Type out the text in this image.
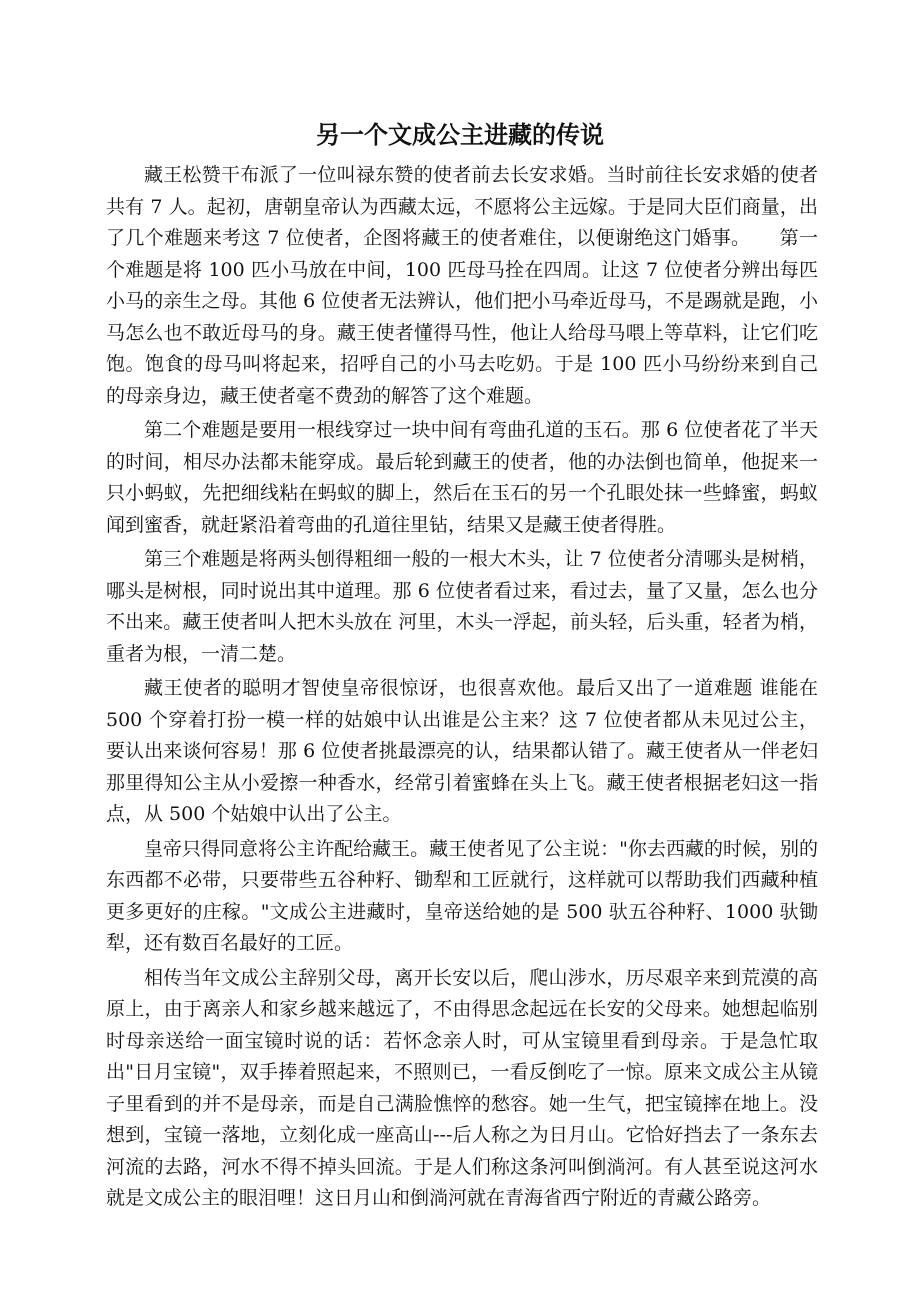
另一个文成公主进藏的传说

藏王松赞干布派了一位叫禄东赞的使者前去长安求婚。当时前往长安求婚的使者共有 7 人。起初，唐朝皇帝认为西藏太远，不愿将公主远嫁。于是同大臣们商量，出了几个难题来考这 7 位使者，企图将藏王的使者难住，以便谢绝这门婚事。　　第一个难题是将 100 匹小马放在中间，100 匹母马拴在四周。让这 7 位使者分辨出每匹小马的亲生之母。其他 6 位使者无法辨认，他们把小马牵近母马，不是踢就是跑，小马怎么也不敢近母马的身。藏王使者懂得马性，他让人给母马喂上等草料，让它们吃饱。饱食的母马叫将起来，招呼自己的小马去吃奶。于是 100 匹小马纷纷来到自己的母亲身边，藏王使者毫不费劲的解答了这个难题。

第二个难题是要用一根线穿过一块中间有弯曲孔道的玉石。那 6 位使者花了半天的时间，相尽办法都未能穿成。最后轮到藏王的使者，他的办法倒也简单，他捉来一只小蚂蚁，先把细线粘在蚂蚁的脚上，然后在玉石的另一个孔眼处抹一些蜂蜜，蚂蚁闻到蜜香，就赶紧沿着弯曲的孔道往里钻，结果又是藏王使者得胜。

第三个难题是将两头刨得粗细一般的一根大木头，让 7 位使者分清哪头是树梢，哪头是树根，同时说出其中道理。那 6 位使者看过来，看过去，量了又量，怎么也分不出来。藏王使者叫人把木头放在 河里，木头一浮起，前头轻，后头重，轻者为梢，重者为根，一清二楚。

藏王使者的聪明才智使皇帝很惊讶，也很喜欢他。最后又出了一道难题 谁能在 500 个穿着打扮一模一样的姑娘中认出谁是公主来？这 7 位使者都从未见过公主，要认出来谈何容易！那 6 位使者挑最漂亮的认，结果都认错了。藏王使者从一伴老妇那里得知公主从小爱擦一种香水，经常引着蜜蜂在头上飞。藏王使者根据老妇这一指点，从 500 个姑娘中认出了公主。

皇帝只得同意将公主许配给藏王。藏王使者见了公主说："你去西藏的时候，别的东西都不必带，只要带些五谷种籽、锄犁和工匠就行，这样就可以帮助我们西藏种植更多更好的庄稼。"文成公主进藏时，皇帝送给她的是 500 驮五谷种籽、1000 驮锄犁，还有数百名最好的工匠。

相传当年文成公主辞别父母，离开长安以后，爬山涉水，历尽艰辛来到荒漠的高原上，由于离亲人和家乡越来越远了，不由得思念起远在长安的父母来。她想起临别时母亲送给一面宝镜时说的话：若怀念亲人时，可从宝镜里看到母亲。于是急忙取出"日月宝镜"，双手捧着照起来，不照则已，一看反倒吃了一惊。原来文成公主从镜子里看到的并不是母亲，而是自己满脸憔悴的愁容。她一生气，把宝镜摔在地上。没想到，宝镜一落地，立刻化成一座高山---后人称之为日月山。它恰好挡去了一条东去河流的去路，河水不得不掉头回流。于是人们称这条河叫倒淌河。有人甚至说这河水就是文成公主的眼泪哩！这日月山和倒淌河就在青海省西宁附近的青藏公路旁。
